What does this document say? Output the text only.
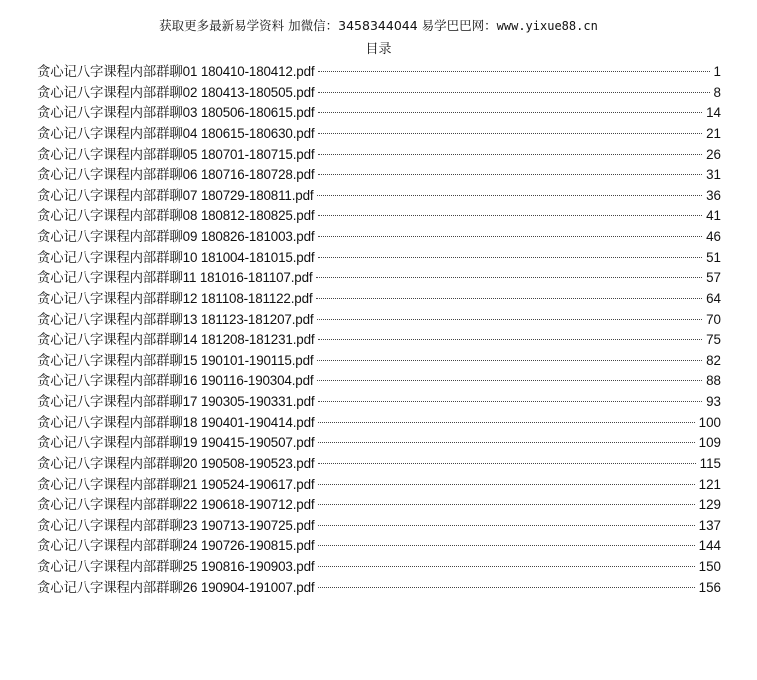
获取更多最新易学资料 加微信：3458344044 易学巴巴网：www.yixue88.cn
目录
贪心记八字课程内部群聊01 180410-180412.pdf	1
贪心记八字课程内部群聊02 180413-180505.pdf	8
贪心记八字课程内部群聊03 180506-180615.pdf	14
贪心记八字课程内部群聊04 180615-180630.pdf	21
贪心记八字课程内部群聊05 180701-180715.pdf	26
贪心记八字课程内部群聊06 180716-180728.pdf	31
贪心记八字课程内部群聊07 180729-180811.pdf	36
贪心记八字课程内部群聊08 180812-180825.pdf	41
贪心记八字课程内部群聊09 180826-181003.pdf	46
贪心记八字课程内部群聊10 181004-181015.pdf	51
贪心记八字课程内部群聊11 181016-181107.pdf	57
贪心记八字课程内部群聊12 181108-181122.pdf	64
贪心记八字课程内部群聊13 181123-181207.pdf	70
贪心记八字课程内部群聊14 181208-181231.pdf	75
贪心记八字课程内部群聊15 190101-190115.pdf	82
贪心记八字课程内部群聊16 190116-190304.pdf	88
贪心记八字课程内部群聊17 190305-190331.pdf	93
贪心记八字课程内部群聊18 190401-190414.pdf	100
贪心记八字课程内部群聊19 190415-190507.pdf	109
贪心记八字课程内部群聊20 190508-190523.pdf	115
贪心记八字课程内部群聊21 190524-190617.pdf	121
贪心记八字课程内部群聊22 190618-190712.pdf	129
贪心记八字课程内部群聊23 190713-190725.pdf	137
贪心记八字课程内部群聊24 190726-190815.pdf	144
贪心记八字课程内部群聊25 190816-190903.pdf	150
贪心记八字课程内部群聊26 190904-191007.pdf	156
